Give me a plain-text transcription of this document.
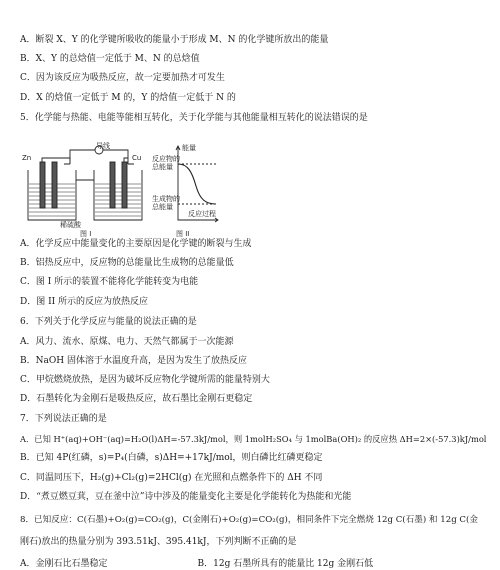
A．断裂 X、Y 的化学键所吸收的能量小于形成 M、N 的化学键所放出的能量
B．X、Y 的总焓值一定低于 M、N 的总焓值
C．因为该反应为吸热反应，故一定要加热才可发生
D．X 的焓值一定低于 M 的，Y 的焓值一定低于 N 的
5．化学能与热能、电能等能相互转化，关于化学能与其他能量相互转化的说法错误的是
导线
Zn	Cu
稀硫酸
图 I
能量
反应物的
总能量
生成物的
总能量
反应过程
图 II
A．化学反应中能量变化的主要原因是化学键的断裂与生成
B．铝热反应中，反应物的总能量比生成物的总能量低
C．图 I 所示的装置不能将化学能转变为电能
D．图 II 所示的反应为放热反应
6．下列关于化学反应与能量的说法正确的是
A．风力、流水、原煤、电力、天然气都属于一次能源
B．NaOH 固体溶于水温度升高，是因为发生了放热反应
C．甲烷燃烧放热，是因为破坏反应物化学键所需的能量特别大
D．石墨转化为金刚石是吸热反应，故石墨比金刚石更稳定
7．下列说法正确的是
A．已知 H⁺(aq)+OH⁻(aq)=H₂O(l)ΔH=-57.3kJ/mol，则 1molH₂SO₄ 与 1molBa(OH)₂ 的反应热 ΔH=2×(-57.3)kJ/mol
B．已知 4P(红磷，s)=P₄(白磷，s)ΔH=+17kJ/mol，则白磷比红磷更稳定
C．同温同压下，H₂(g)+Cl₂(g)=2HCl(g) 在光照和点燃条件下的 ΔH 不同
D．“煮豆燃豆萁，豆在釜中泣”诗中涉及的能量变化主要是化学能转化为热能和光能
8．已知反应：C(石墨)+O₂(g)=CO₂(g)，C(金刚石)+O₂(g)=CO₂(g)，相同条件下完全燃烧 12g C(石墨) 和 12g C(金
刚石)放出的热量分别为 393.51kJ、395.41kJ，下列判断不正确的是
A．金刚石比石墨稳定　　　　　　　　　　B．12g 石墨所具有的能量比 12g 金刚石低
